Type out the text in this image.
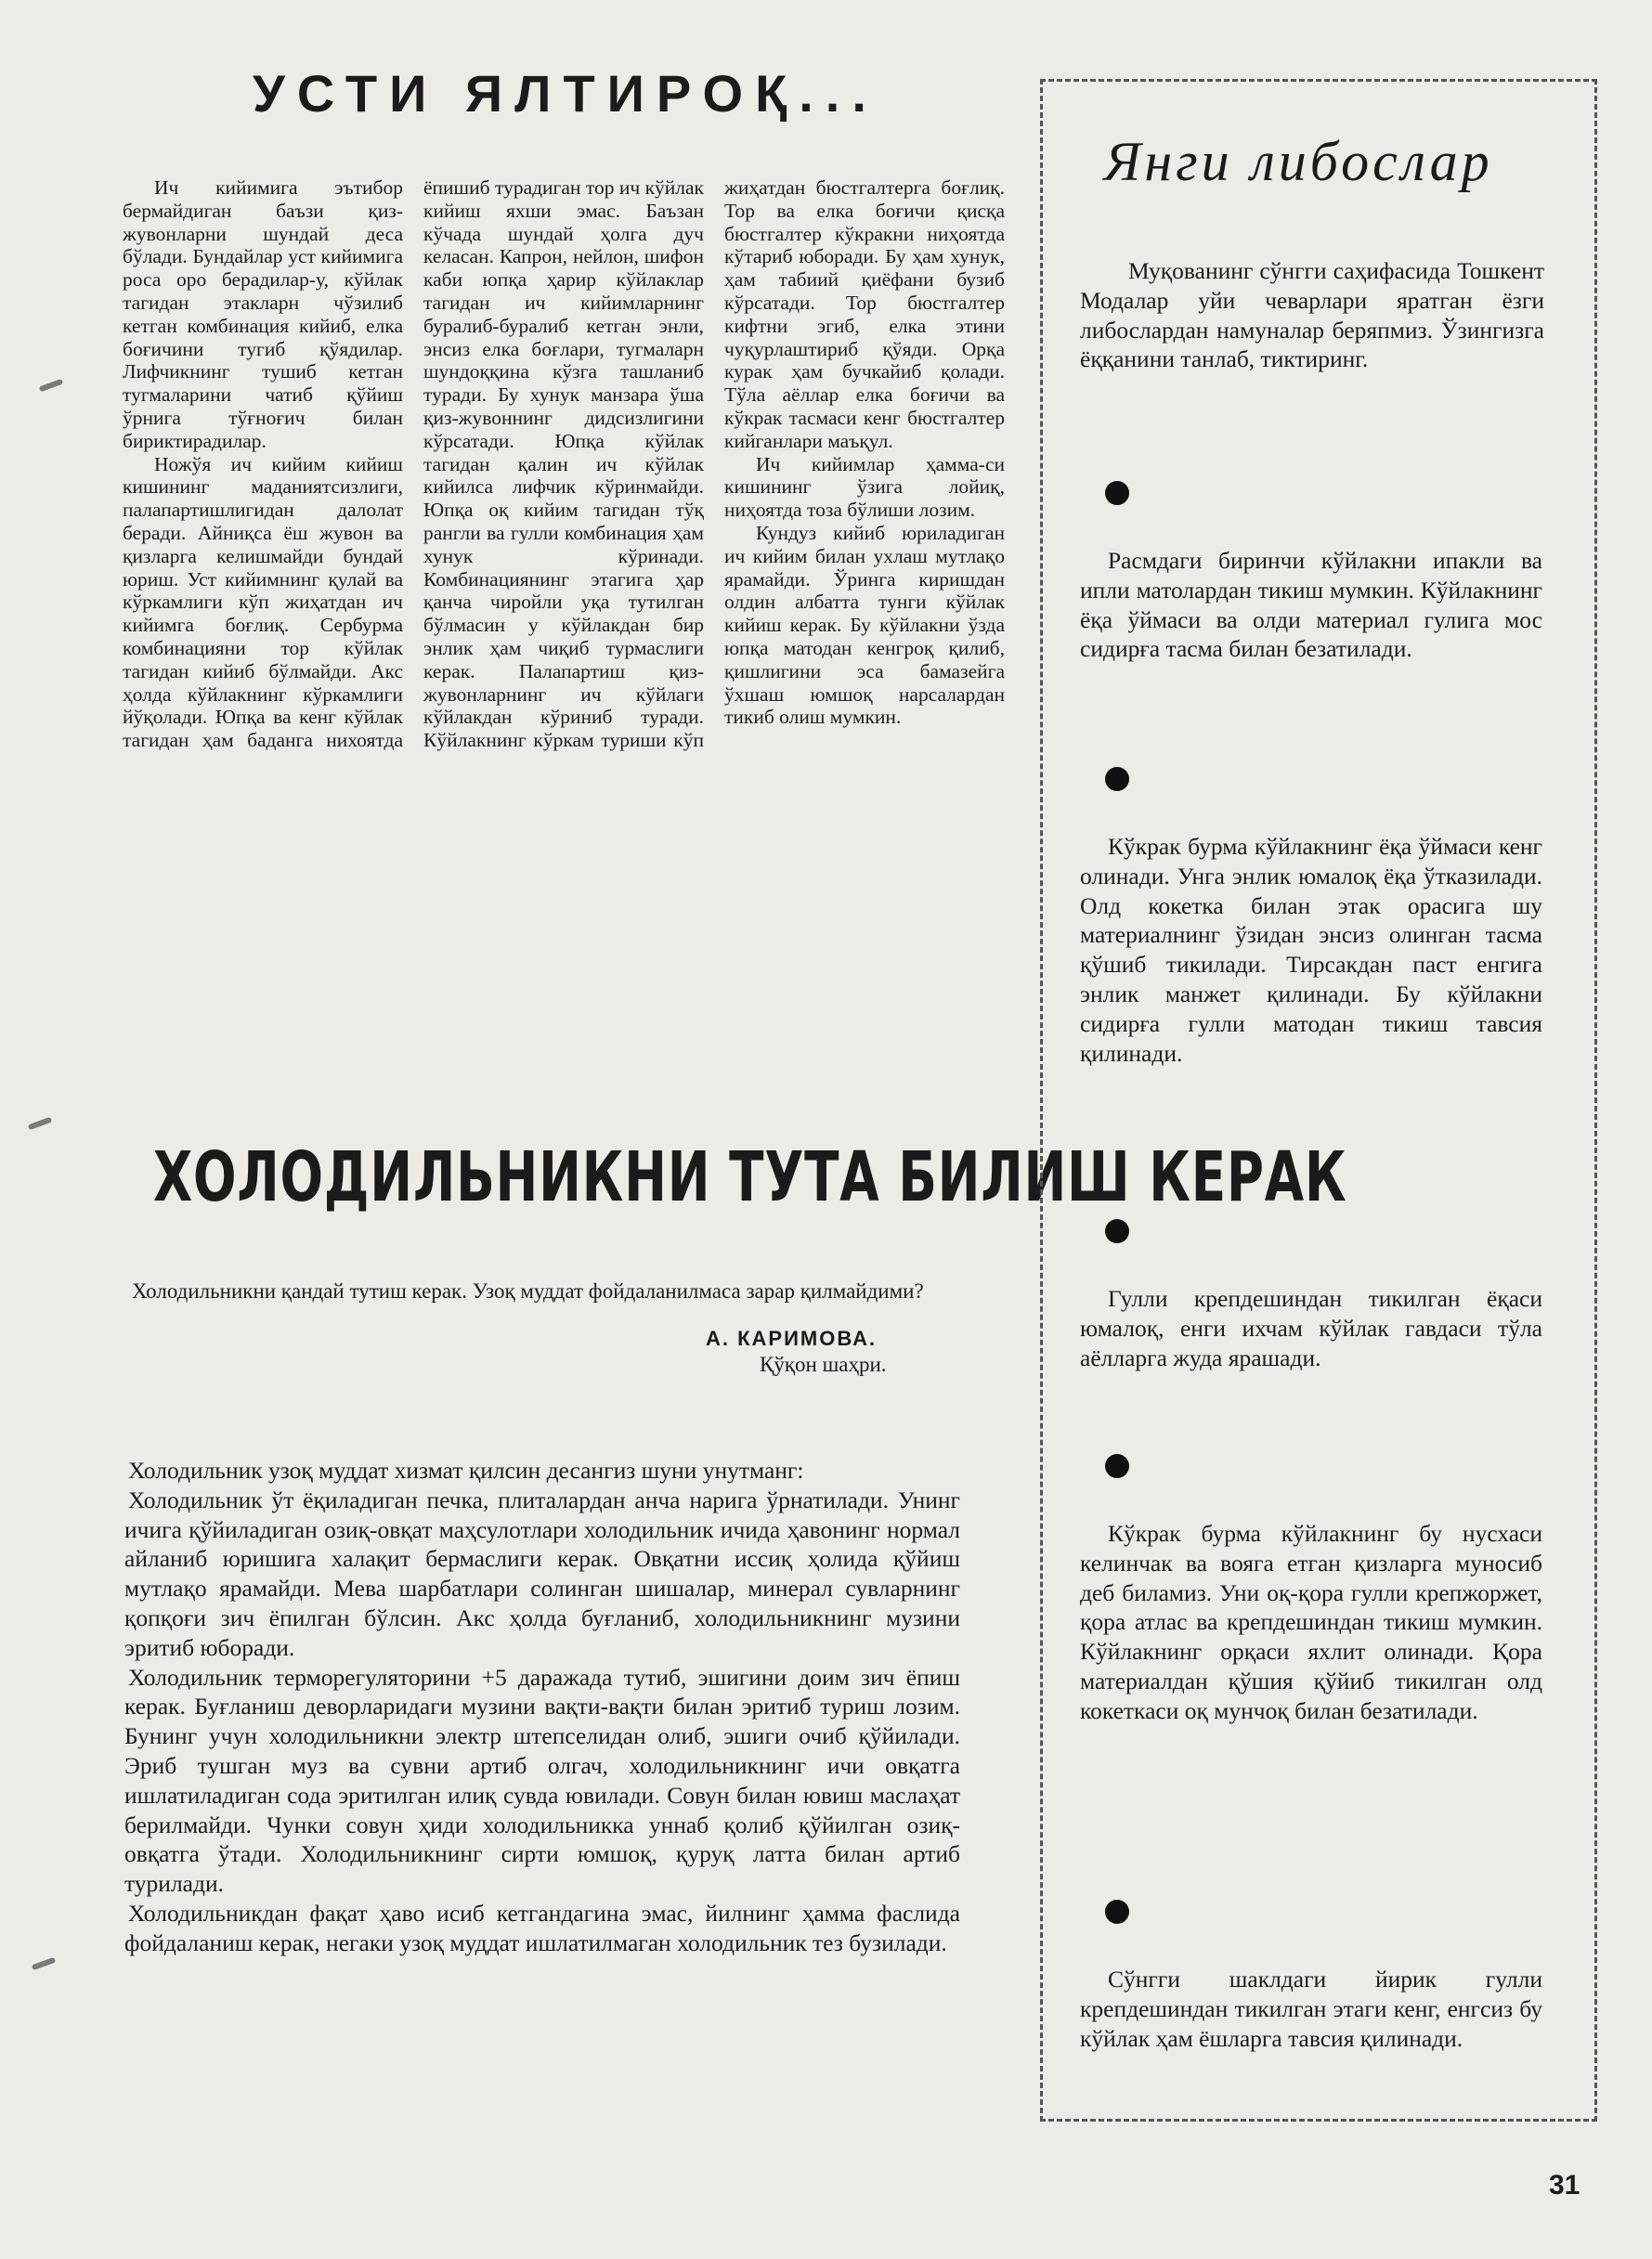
УСТИ ЯЛТИРОҚ...

Ич кийимига эътибор бермайдиган баъзи қиз-жувонларни шундай деса бўлади. Бундайлар уст кийимига роса оро берадилар-у, кўйлак тагидан этакларн чўзилиб кетган комбинация кийиб, елка боғичини тугиб қўядилар. Лифчикнинг тушиб кетган тугмаларини чатиб қўйиш ўрнига тўғноғич билан бириктирадилар.

Ножўя ич кийим кийиш кишининг маданиятсизлиги, палапартишлигидан далолат беради. Айниқса ёш жувон ва қизларга келишмайди бундай юриш. Уст кийимнинг қулай ва кўркамлиги кўп жиҳатдан ич кийимга боғлиқ. Сербурма комбинацияни тор кўйлак тагидан кийиб бўлмайди. Акс ҳолда кўйлакнинг кўркамлиги йўқолади. Юпқа ва кенг кўйлак тагидан ҳам баданга нихоятда ёпишиб турадиган тор ич кўйлак кийиш яхши эмас. Баъзан кўчада шундай ҳолга дуч келасан. Капрон, нейлон, шифон каби юпқа ҳарир кўйлаклар тагидан ич кийимларнинг буралиб-буралиб кетган энли, энсиз елка боғлари, тугмаларн шундоққина кўзга ташланиб туради. Бу хунук манзара ўша қиз-жувоннинг дидсизлигини кўрсатади. Юпқа кўйлак тагидан қалин ич кўйлак кийилса лифчик кўринмайди. Юпқа оқ кийим тагидан тўқ рангли ва гулли комбинация ҳам хунук кўринади. Комбинациянинг этагига ҳар қанча чиройли уқа тутилган бўлмасин у кўйлакдан бир энлик ҳам чиқиб турмаслиги керак. Палапартиш қиз-жувонларнинг ич кўйлаги кўйлакдан кўриниб туради. Кўйлакнинг кўркам туриши кўп жиҳатдан бюстгалтерга боғлиқ. Тор ва елка боғичи қисқа бюстгалтер кўкракни ниҳоятда кўтариб юборади. Бу ҳам хунук, ҳам табиий қиёфани бузиб кўрсатади. Тор бюстгалтер кифтни эгиб, елка этини чуқурлаштириб қўяди. Орқа курак ҳам бучкайиб қолади. Тўла аёллар елка боғичи ва кўкрак тасмаси кенг бюстгалтер кийганлари маъқул.

Ич кийимлар ҳамма-си кишининг ўзига лойиқ, ниҳоятда тоза бўлиши лозим.

Кундуз кийиб юриладиган ич кийим билан ухлаш мутлақо ярамайди. Ўринга киришдан олдин албатта тунги кўйлак кийиш керак. Бу кўйлакни ўзда юпқа матодан кенгроқ қилиб, қишлигини эса бамазейга ўхшаш юмшоқ нарсалардан тикиб олиш мумкин.

ХОЛОДИЛЬНИКНИ ТУТА БИЛИШ КЕРАК
Холодильникни қандай тутиш керак. Узоқ муддат фойдаланилмаса зарар қилмайдими?
А. КАРИМОВА.
Қўқон шаҳри.

Холодильник узоқ муддат хизмат қилсин десангиз шуни унутманг:

Холодильник ўт ёқиладиган печка, плиталардан анча нарига ўрнатилади. Унинг ичига қўйиладиган озиқ-овқат маҳсулотлари холодильник ичида ҳавонинг нормал айланиб юришига халақит бермаслиги керак. Овқатни иссиқ ҳолида қўйиш мутлақо ярамайди. Мева шарбатлари солинган шишалар, минерал сувларнинг қопқоғи зич ёпилган бўлсин. Акс ҳолда буғланиб, холодильникнинг музини эритиб юборади.

Холодильник терморегуляторини +5 даражада тутиб, эшигини доим зич ёпиш керак. Буғланиш деворларидаги музини вақти-вақти билан эритиб туриш лозим. Бунинг учун холодильникни электр штепселидан олиб, эшиги очиб қўйилади. Эриб тушган муз ва сувни артиб олгач, холодильникнинг ичи овқатга ишлатиладиган сода эритилган илиқ сувда ювилади. Совун билан ювиш маслаҳат берилмайди. Чунки совун ҳиди холодильникка уннаб қолиб қўйилган озиқ-овқатга ўтади. Холодильникнинг сирти юмшоқ, қуруқ латта билан артиб турилади.

Холодильникдан фақат ҳаво исиб кетгандагина эмас, йилнинг ҳамма фаслида фойдаланиш керак, негаки узоқ муддат ишлатилмаган холодильник тез бузилади.

Янги либослар
Муқованинг сўнгги саҳифасида Тошкент Модалар уйи чеварлари яратган ёзги либослардан намуналар беряпмиз. Ўзингизга ёққанини танлаб, тиктиринг.
Расмдаги биринчи кўйлакни ипакли ва ипли матолардан тикиш мумкин. Кўйлакнинг ёқа ўймаси ва олди материал гулига мос сидирға тасма билан безатилади.
Кўкрак бурма кўйлакнинг ёқа ўймаси кенг олинади. Унга энлик юмалоқ ёқа ўтказилади. Олд кокетка билан этак орасига шу материалнинг ўзидан энсиз олинган тасма қўшиб тикилади. Тирсакдан паст енгига энлик манжет қилинади. Бу кўйлакни сидирға гулли матодан тикиш тавсия қилинади.
Гулли крепдешиндан тикилган ёқаси юмалоқ, енги ихчам кўйлак гавдаси тўла аёлларга жуда ярашади.
Кўкрак бурма кўйлакнинг бу нусхаси келинчак ва вояга етган қизларга муносиб деб биламиз. Уни оқ-қора гулли крепжоржет, қора атлас ва крепдешиндан тикиш мумкин. Кўйлакнинг орқаси яхлит олинади. Қора материалдан қўшия қўйиб тикилган олд кокеткаси оқ мунчоқ билан безатилади.
Сўнгги шаклдаги йирик гулли крепдешиндан тикилган этаги кенг, енгсиз бу кўйлак ҳам ёшларга тавсия қилинади.
31
